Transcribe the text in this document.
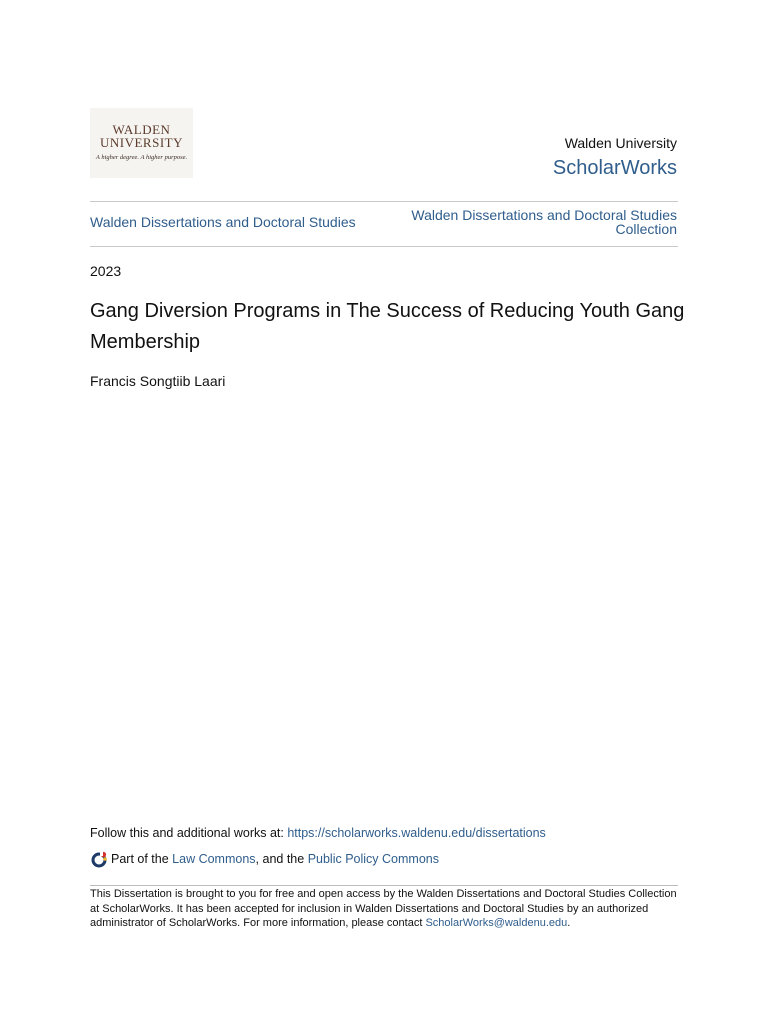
WALDEN
UNIVERSITY
A higher degree. A higher purpose.
Walden University
ScholarWorks
Walden Dissertations and Doctoral Studies	Walden Dissertations and Doctoral Studies Collection
2023
Gang Diversion Programs in The Success of Reducing Youth Gang Membership
Francis Songtiib Laari
Follow this and additional works at: https://scholarworks.waldenu.edu/dissertations
Part of the
Law Commons , and the
Public Policy Commons
This Dissertation is brought to you for free and open access by the Walden Dissertations and Doctoral Studies Collection at ScholarWorks. It has been accepted for inclusion in Walden Dissertations and Doctoral Studies by an authorized administrator of ScholarWorks. For more information, please contact ScholarWorks@waldenu.edu.
